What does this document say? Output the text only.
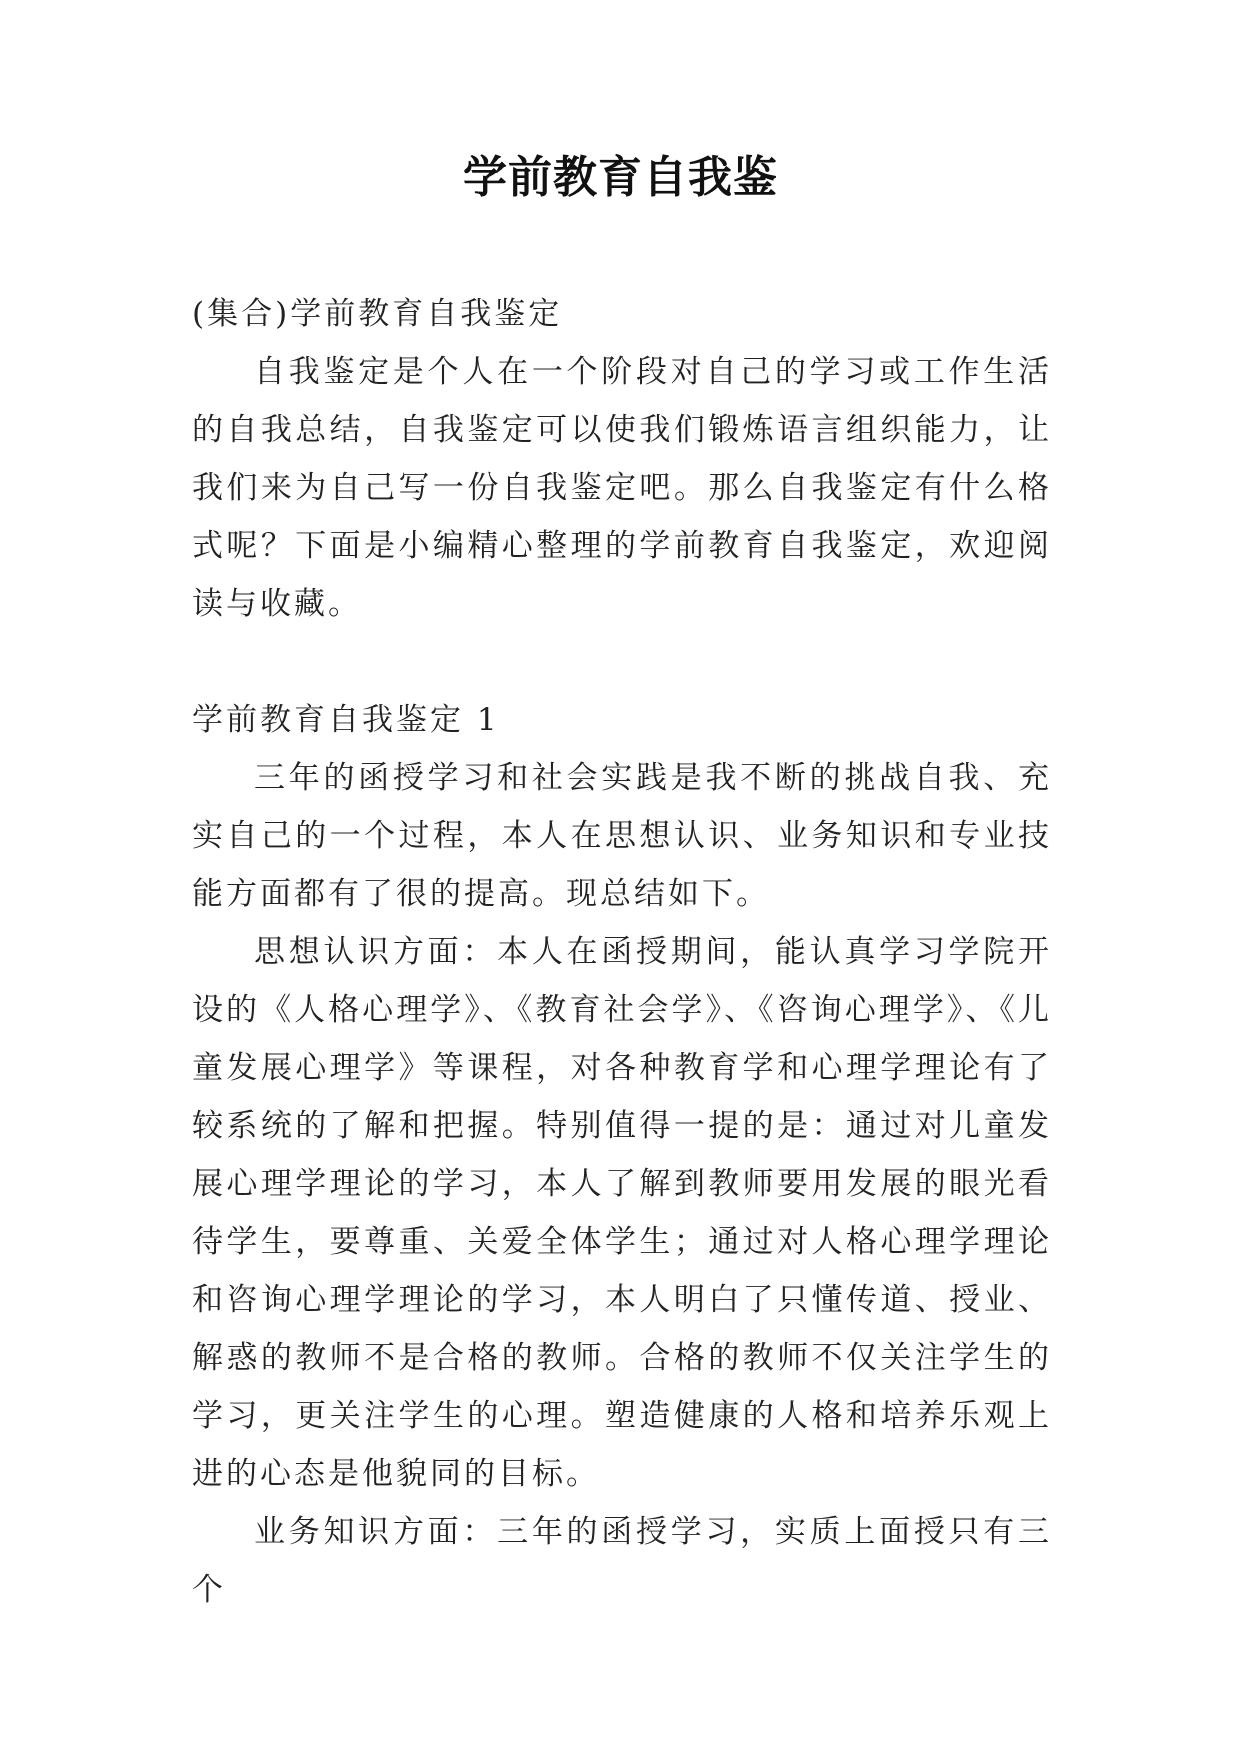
学前教育自我鉴

(集合)学前教育自我鉴定

自我鉴定是个人在一个阶段对自己的学习或工作生活的自我总结，自我鉴定可以使我们锻炼语言组织能力，让我们来为自己写一份自我鉴定吧。那么自我鉴定有什么格式呢？下面是小编精心整理的学前教育自我鉴定，欢迎阅读与收藏。

学前教育自我鉴定 1

三年的函授学习和社会实践是我不断的挑战自我、充实自己的一个过程，本人在思想认识、业务知识和专业技能方面都有了很的提高。现总结如下。

思想认识方面：本人在函授期间，能认真学习学院开设的《人格心理学》、《教育社会学》、《咨询心理学》、《儿童发展心理学》等课程，对各种教育学和心理学理论有了较系统的了解和把握。特别值得一提的是：通过对儿童发展心理学理论的学习，本人了解到教师要用发展的眼光看待学生，要尊重、关爱全体学生；通过对人格心理学理论和咨询心理学理论的学习，本人明白了只懂传道、授业、解惑的教师不是合格的教师。合格的教师不仅关注学生的学习，更关注学生的心理。塑造健康的人格和培养乐观上进的心态是他貌同的目标。

业务知识方面：三年的函授学习，实质上面授只有三个
